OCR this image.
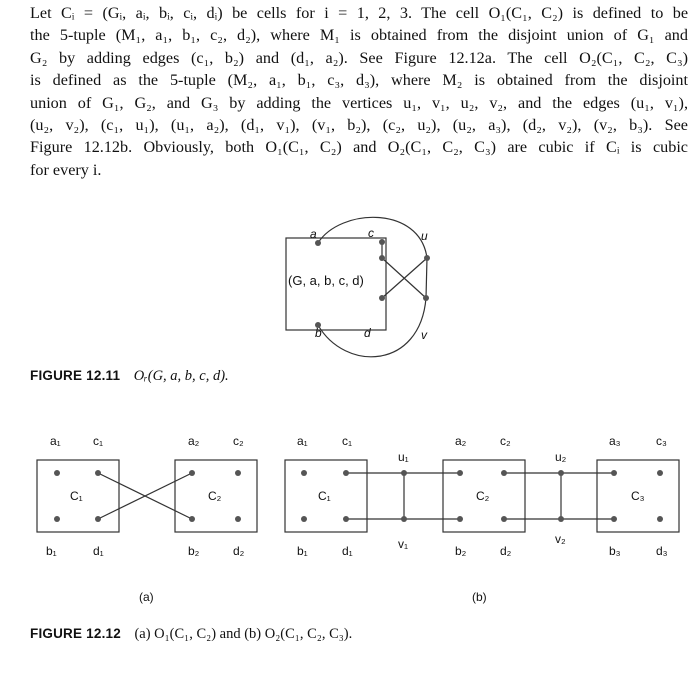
Let Cᵢ = (Gᵢ, aᵢ, bᵢ, cᵢ, dᵢ) be cells for i = 1, 2, 3. The cell O₁(C₁, C₂) is defined to be
the 5-tuple (M₁, a₁, b₁, c₂, d₂), where M₁ is obtained from the disjoint union of G₁ and
G₂ by adding edges (c₁, b₂) and (d₁, a₂). See Figure 12.12a. The cell O₂(C₁, C₂, C₃)
is defined as the 5-tuple (M₂, a₁, b₁, c₃, d₃), where M₂ is obtained from the disjoint
union of G₁, G₂, and G₃ by adding the vertices u₁, v₁, u₂, v₂, and the edges (u₁, v₁),
(u₂, v₂), (c₁, u₁), (u₁, a₂), (d₁, v₁), (v₁, b₂), (c₂, u₂), (u₂, a₃), (d₂, v₂), (v₂, b₃). See
Figure 12.12b. Obviously, both O₁(C₁, C₂) and O₂(C₁, C₂, C₃) are cubic if Cᵢ is cubic
for every i.

a	c	u
(G, a, b, c, d)
b	d	v
a₁	c₁
C₁
b₁	d₁
a₂	c₂
C₂
b₂	d₂
a₁	c₁
C₁
b₁	d₁
u₁
v₁
a₂	c₂
C₂
b₂	d₂
u₂
v₂
a₃	c₃
C₃
b₃	d₃
(a)	(b)
FIGURE 12.11 Oᵣ(G, a, b, c, d).
FIGURE 12.12 (a) O₁(C₁, C₂) and (b) O₂(C₁, C₂, C₃).
